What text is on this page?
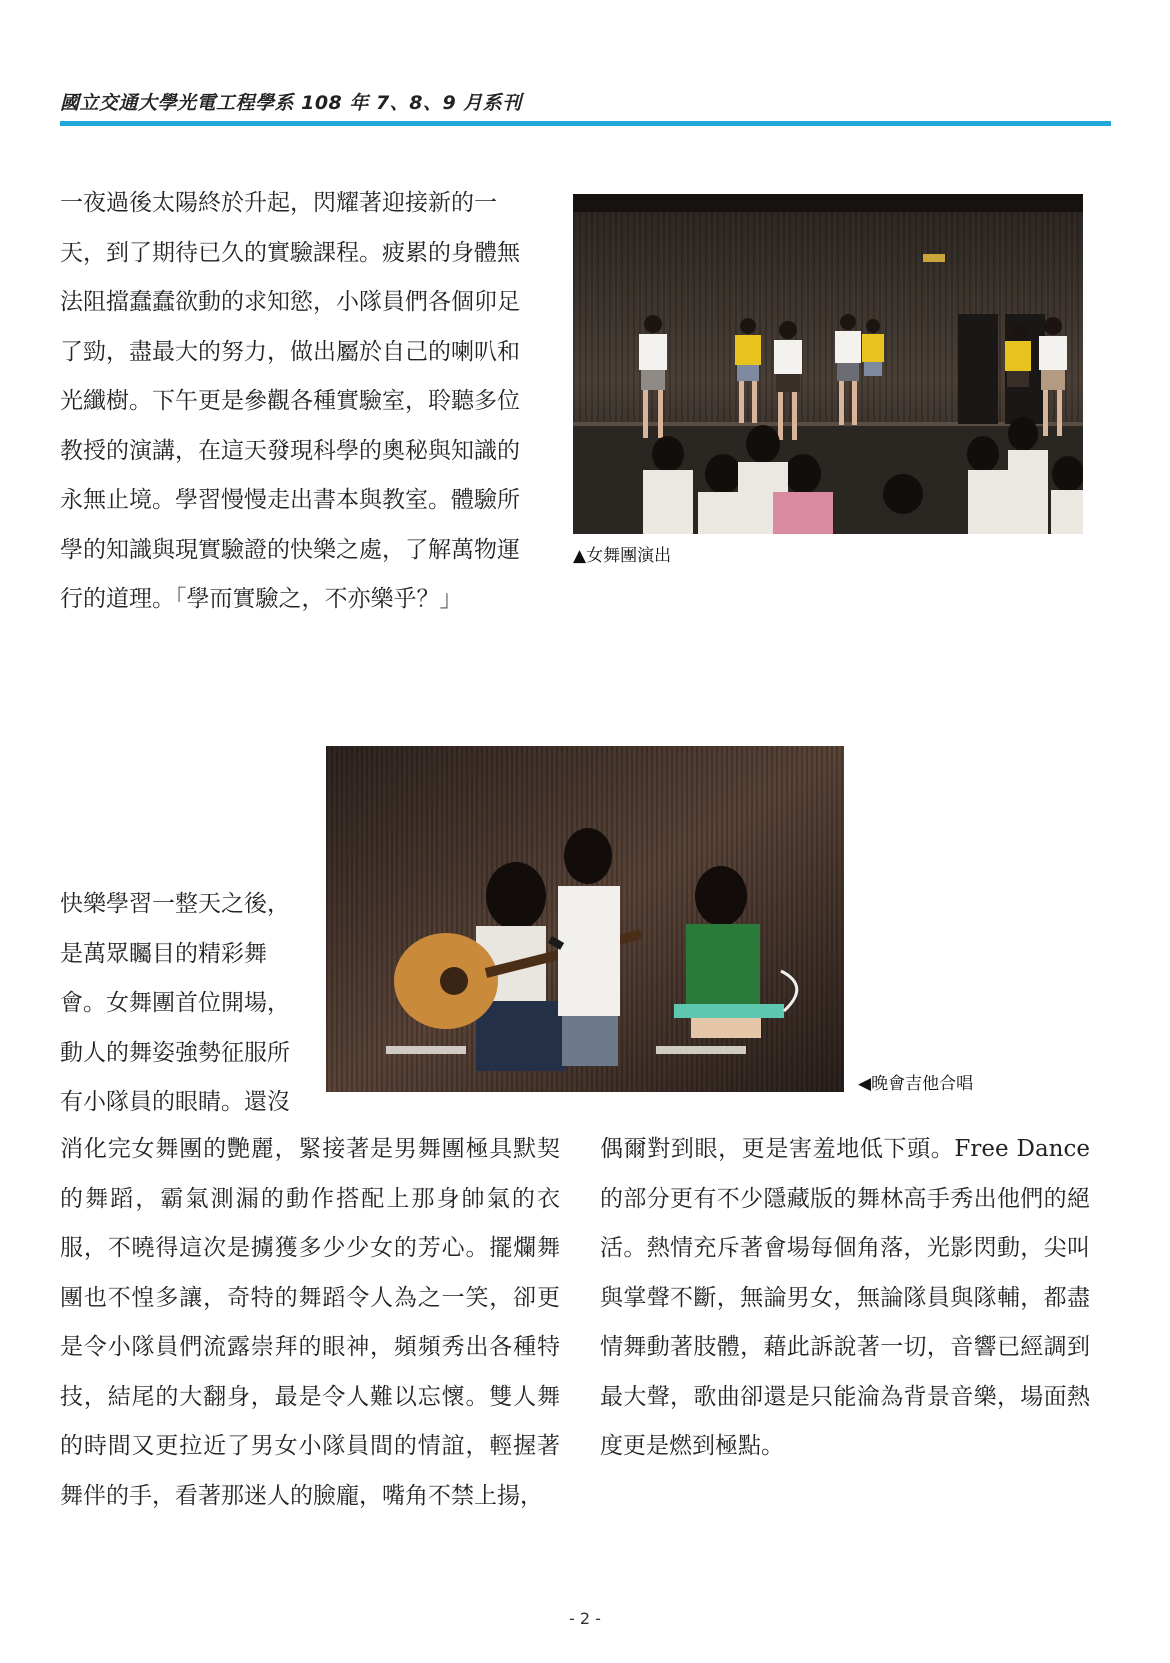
國立交通大學光電工程學系 108 年 7、8、9 月系刊

一夜過後太陽終於升起，閃耀著迎接新的一天，到了期待已久的實驗課程。疲累的身體無法阻擋蠢蠢欲動的求知慾，小隊員們各個卯足了勁，盡最大的努力，做出屬於自己的喇叭和光纖樹。下午更是參觀各種實驗室，聆聽多位教授的演講，在這天發現科學的奧秘與知識的永無止境。學習慢慢走出書本與教室。體驗所學的知識與現實驗證的快樂之處，了解萬物運行的道理。「學而實驗之，不亦樂乎？」

▲女舞團演出

快樂學習一整天之後，是萬眾矚目的精彩舞會。女舞團首位開場，動人的舞姿強勢征服所有小隊員的眼睛。還沒

◀晚會吉他合唱

消化完女舞團的艷麗，緊接著是男舞團極具默契的舞蹈，霸氣測漏的動作搭配上那身帥氣的衣服，不曉得這次是擄獲多少少女的芳心。擺爛舞團也不惶多讓，奇特的舞蹈令人為之一笑，卻更是令小隊員們流露崇拜的眼神，頻頻秀出各種特技，結尾的大翻身，最是令人難以忘懷。雙人舞的時間又更拉近了男女小隊員間的情誼，輕握著舞伴的手，看著那迷人的臉龐，嘴角不禁上揚，

偶爾對到眼，更是害羞地低下頭。Free Dance 的部分更有不少隱藏版的舞林高手秀出他們的絕活。熱情充斥著會場每個角落，光影閃動，尖叫與掌聲不斷，無論男女，無論隊員與隊輔，都盡情舞動著肢體，藉此訴說著一切，音響已經調到最大聲，歌曲卻還是只能淪為背景音樂，場面熱度更是燃到極點。

- 2 -
